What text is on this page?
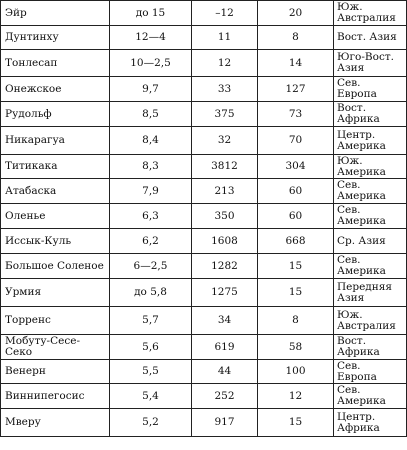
Эйр	до 15	–12	20	Юж. Австралия
Дунтинху	12—4	11	8	Вост. Азия
Тонлесап	10—2,5	12	14	Юго-Вост. Азия
Онежское	9,7	33	127	Сев. Европа
Рудольф	8,5	375	73	Вост. Африка
Никарагуа	8,4	32	70	Центр. Америка
Титикака	8,3	3812	304	Юж. Америка
Атабаска	7,9	213	60	Сев. Америка
Оленье	6,3	350	60	Сев. Америка
Иссык-Куль	6,2	1608	668	Ср. Азия
Большое Соленое	6—2,5	1282	15	Сев. Америка
Урмия	до 5,8	1275	15	Передняя Азия
Торренс	5,7	34	8	Юж. Австралия
Мобуту-Сесе-Секо	5,6	619	58	Вост. Африка
Венерн	5,5	44	100	Сев. Европа
Виннипегосис	5,4	252	12	Сев. Америка
Мверу	5,2	917	15	Центр. Африка
